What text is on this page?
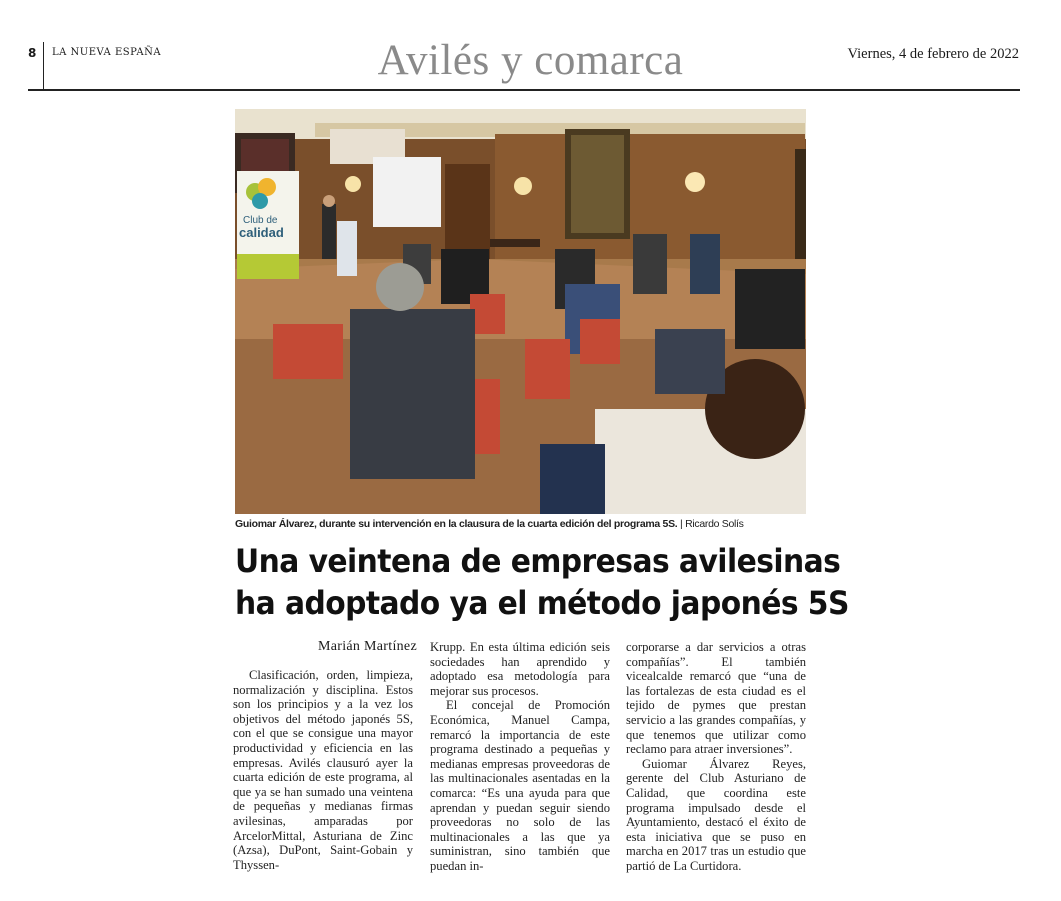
8 LA NUEVA ESPAÑA	Avilés y comarca	Viernes, 4 de febrero de 2022
Club de
calidad
Guiomar Álvarez, durante su intervención en la clausura de la cuarta edición del programa 5S. | Ricardo Solís
Una veintena de empresas avilesinas
ha adoptado ya el método japonés 5S
Marián Martínez

Clasificación, orden, limpieza, normalización y disciplina. Estos son los principios y a la vez los objetivos del método japonés 5S, con el que se consigue una mayor productividad y eficiencia en las empresas. Avilés clausuró ayer la cuarta edición de este programa, al que ya se han sumado una veintena de pequeñas y medianas firmas avilesinas, amparadas por ArcelorMittal, Asturiana de Zinc (Azsa), DuPont, Saint-Gobain y Thyssen-

Krupp. En esta última edición seis sociedades han aprendido y adoptado esa metodología para mejorar sus procesos.

El concejal de Promoción Económica, Manuel Campa, remarcó la importancia de este programa destinado a pequeñas y medianas empresas proveedoras de las multinacionales asentadas en la comarca: “Es una ayuda para que aprendan y puedan seguir siendo proveedoras no solo de las multinacionales a las que ya suministran, sino también que puedan in-

corporarse a dar servicios a otras compañías”. El también vicealcalde remarcó que “una de las fortalezas de esta ciudad es el tejido de pymes que prestan servicio a las grandes compañías, y que tenemos que utilizar como reclamo para atraer inversiones”.

Guiomar Álvarez Reyes, gerente del Club Asturiano de Calidad, que coordina este programa impulsado desde el Ayuntamiento, destacó el éxito de esta iniciativa que se puso en marcha en 2017 tras un estudio que partió de La Curtidora.
